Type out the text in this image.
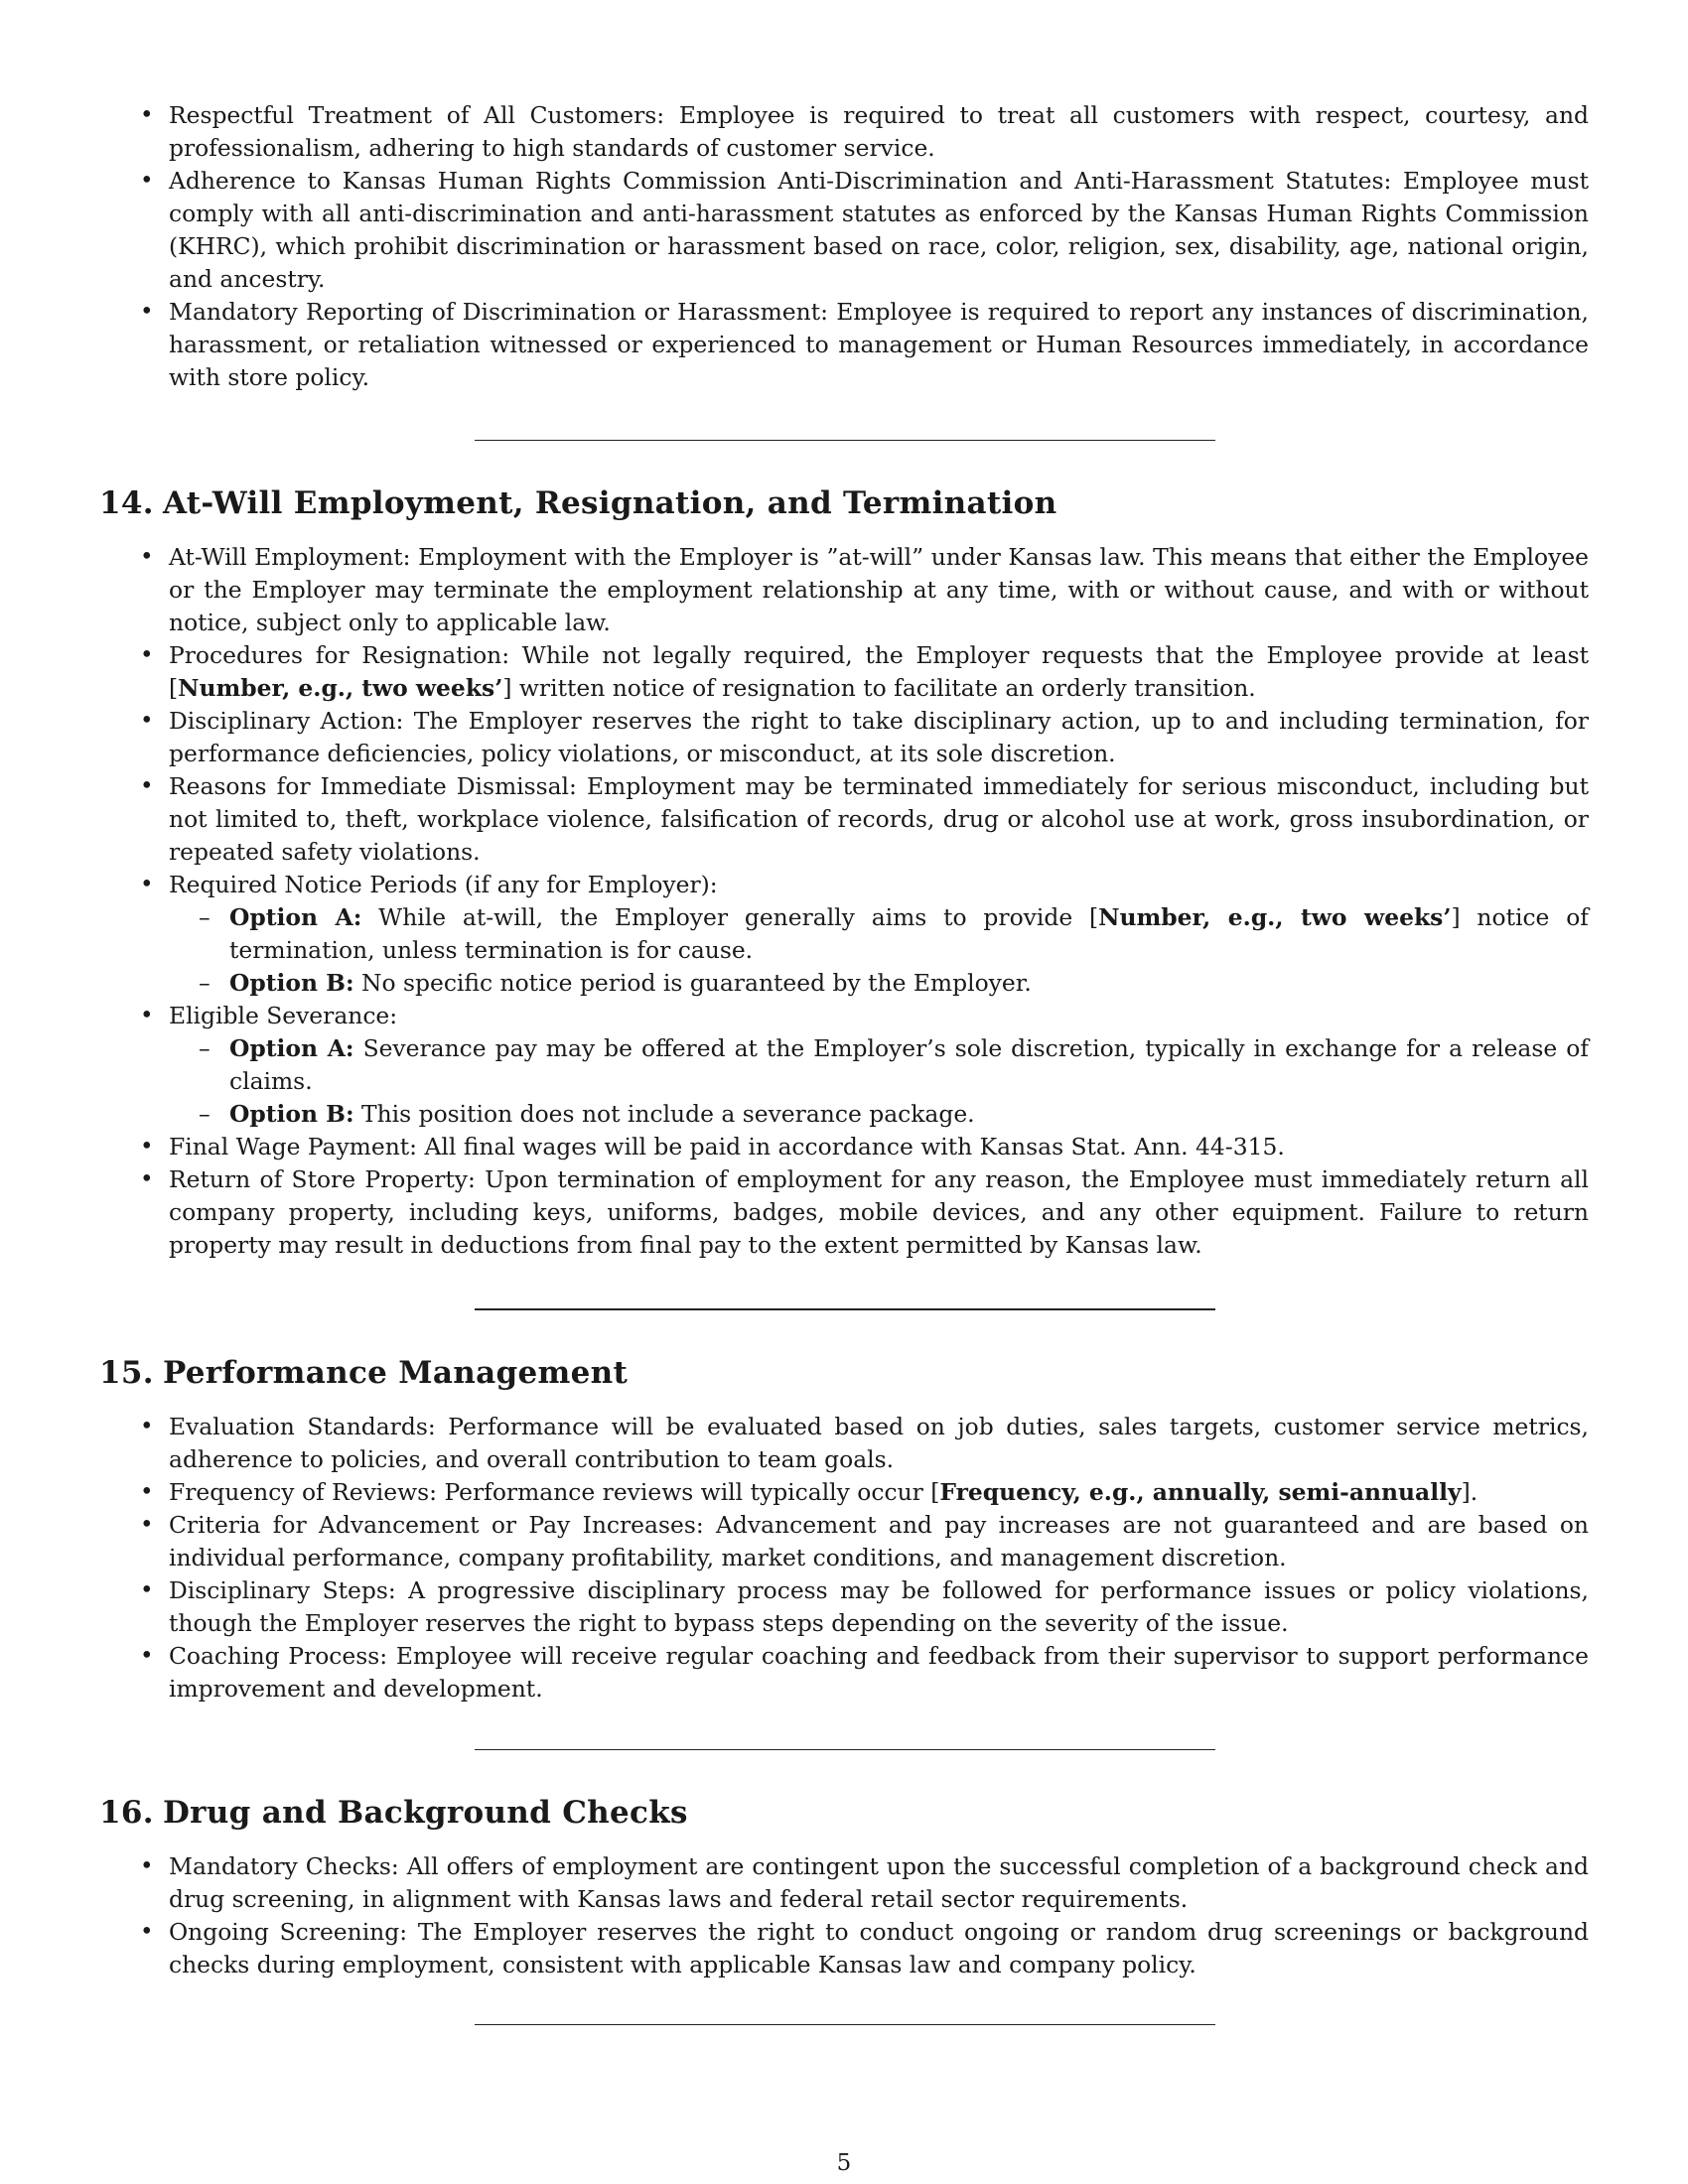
• Respectful Treatment of All Customers: Employee is required to treat all customers with respect, courtesy, and professionalism, adhering to high standards of customer service.
• Adherence to Kansas Human Rights Commission Anti-Discrimination and Anti-Harassment Statutes: Employee must comply with all anti-discrimination and anti-harassment statutes as enforced by the Kansas Human Rights Commission (KHRC), which prohibit discrimination or harassment based on race, color, religion, sex, disability, age, national origin, and ancestry.
• Mandatory Reporting of Discrimination or Harassment: Employee is required to report any instances of discrimination, harassment, or retaliation witnessed or experienced to management or Human Resources immediately, in accordance with store policy.
14. At-Will Employment, Resignation, and Termination
• At-Will Employment: Employment with the Employer is ”at-will” under Kansas law. This means that either the Employee or the Employer may terminate the employment relationship at any time, with or without cause, and with or without notice, subject only to applicable law.
• Procedures for Resignation: While not legally required, the Employer requests that the Employee provide at least [Number, e.g., two weeks’] written notice of resignation to facilitate an orderly transition.
• Disciplinary Action: The Employer reserves the right to take disciplinary action, up to and including termination, for performance deficiencies, policy violations, or misconduct, at its sole discretion.
• Reasons for Immediate Dismissal: Employment may be terminated immediately for serious misconduct, including but not limited to, theft, workplace violence, falsification of records, drug or alcohol use at work, gross insubordination, or repeated safety violations.
• Required Notice Periods (if any for Employer):
– Option A: While at-will, the Employer generally aims to provide [Number, e.g., two weeks’] notice of termination, unless termination is for cause.
– Option B: No specific notice period is guaranteed by the Employer.
• Eligible Severance:
– Option A: Severance pay may be offered at the Employer’s sole discretion, typically in exchange for a release of claims.
– Option B: This position does not include a severance package.
• Final Wage Payment: All final wages will be paid in accordance with Kansas Stat. Ann. 44-315.
• Return of Store Property: Upon termination of employment for any reason, the Employee must immediately return all company property, including keys, uniforms, badges, mobile devices, and any other equipment. Failure to return property may result in deductions from final pay to the extent permitted by Kansas law.
15. Performance Management
• Evaluation Standards: Performance will be evaluated based on job duties, sales targets, customer service metrics, adherence to policies, and overall contribution to team goals.
• Frequency of Reviews: Performance reviews will typically occur [Frequency, e.g., annually, semi-annually].
• Criteria for Advancement or Pay Increases: Advancement and pay increases are not guaranteed and are based on individual performance, company profitability, market conditions, and management discretion.
• Disciplinary Steps: A progressive disciplinary process may be followed for performance issues or policy violations, though the Employer reserves the right to bypass steps depending on the severity of the issue.
• Coaching Process: Employee will receive regular coaching and feedback from their supervisor to support performance improvement and development.
16. Drug and Background Checks
• Mandatory Checks: All offers of employment are contingent upon the successful completion of a background check and drug screening, in alignment with Kansas laws and federal retail sector requirements.
• Ongoing Screening: The Employer reserves the right to conduct ongoing or random drug screenings or background checks during employment, consistent with applicable Kansas law and company policy.
5
